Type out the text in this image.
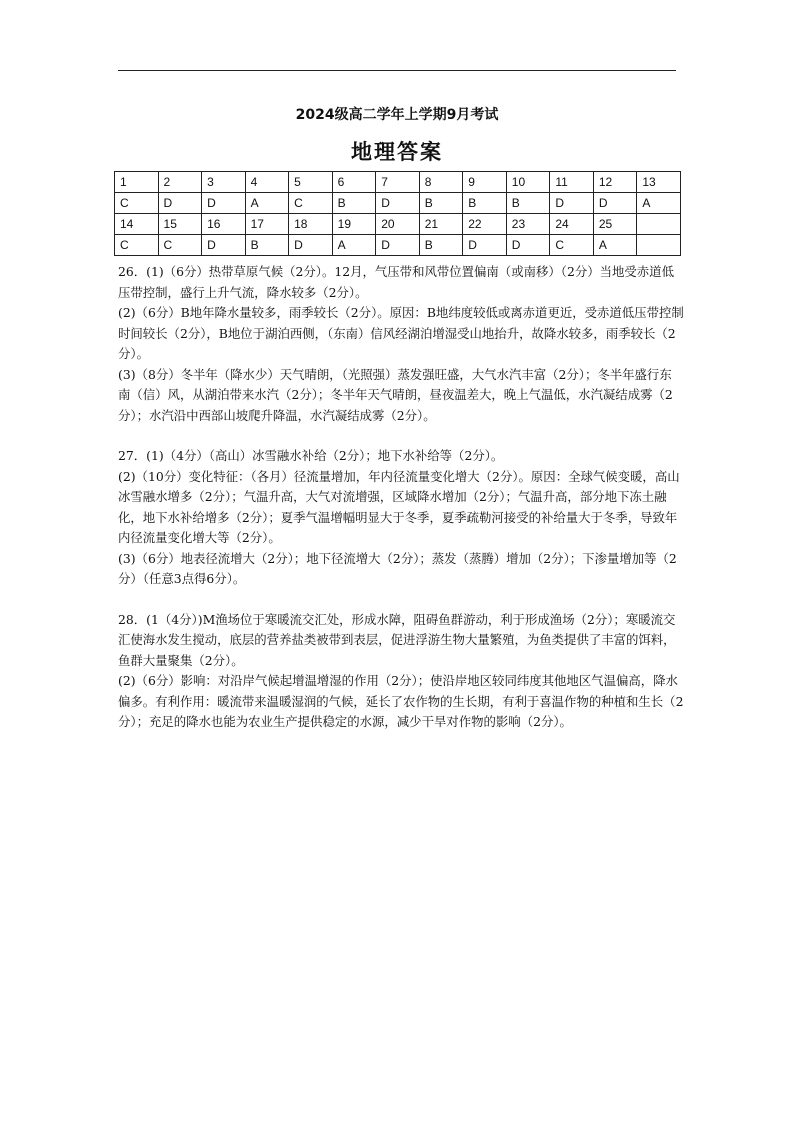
2024级高二学年上学期9月考试
地理答案
1	2	3	4	5	6	7	8	9	10	11	12	13
C	D	D	A	C	B	D	B	B	B	D	D	A
14	15	16	17	18	19	20	21	22	23	24	25	
C	C	D	B	D	A	D	B	D	D	C	A	

26．(1)（6分）热带草原气候（2分）。12月，气压带和风带位置偏南（或南移）（2分）当地受赤道低压带控制，盛行上升气流，降水较多（2分）。

(2)（6分）B地年降水量较多，雨季较长（2分）。原因：B地纬度较低或离赤道更近，受赤道低压带控制时间较长（2分），B地位于湖泊西侧，（东南）信风经湖泊增湿受山地抬升，故降水较多，雨季较长（2分）。

(3)（8分）冬半年（降水少）天气晴朗，（光照强）蒸发强旺盛，大气水汽丰富（2分）；冬半年盛行东南（信）风，从湖泊带来水汽（2分）；冬半年天气晴朗，昼夜温差大，晚上气温低，水汽凝结成雾（2分）；水汽沿中西部山坡爬升降温，水汽凝结成雾（2分）。

27．(1)（4分）（高山）冰雪融水补给（2分）；地下水补给等（2分）。

(2)（10分）变化特征：（各月）径流量增加，年内径流量变化增大（2分）。原因：全球气候变暖，高山冰雪融水增多（2分）；气温升高，大气对流增强，区域降水增加（2分）；气温升高，部分地下冻土融化，地下水补给增多（2分）；夏季气温增幅明显大于冬季，夏季疏勒河接受的补给量大于冬季，导致年内径流量变化增大等（2分）。

(3)（6分）地表径流增大（2分）；地下径流增大（2分）；蒸发（蒸腾）增加（2分）；下渗量增加等（2分）（任意3点得6分）。

28．(1（4分）)M渔场位于寒暖流交汇处，形成水障，阻碍鱼群游动，利于形成渔场（2分）；寒暖流交汇使海水发生搅动，底层的营养盐类被带到表层，促进浮游生物大量繁殖，为鱼类提供了丰富的饵料，鱼群大量聚集（2分）。

(2)（6分）影响：对沿岸气候起增温增湿的作用（2分）；使沿岸地区较同纬度其他地区气温偏高，降水偏多。有利作用：暖流带来温暖湿润的气候，延长了农作物的生长期，有利于喜温作物的种植和生长（2分）；充足的降水也能为农业生产提供稳定的水源，减少干旱对作物的影响（2分）。
